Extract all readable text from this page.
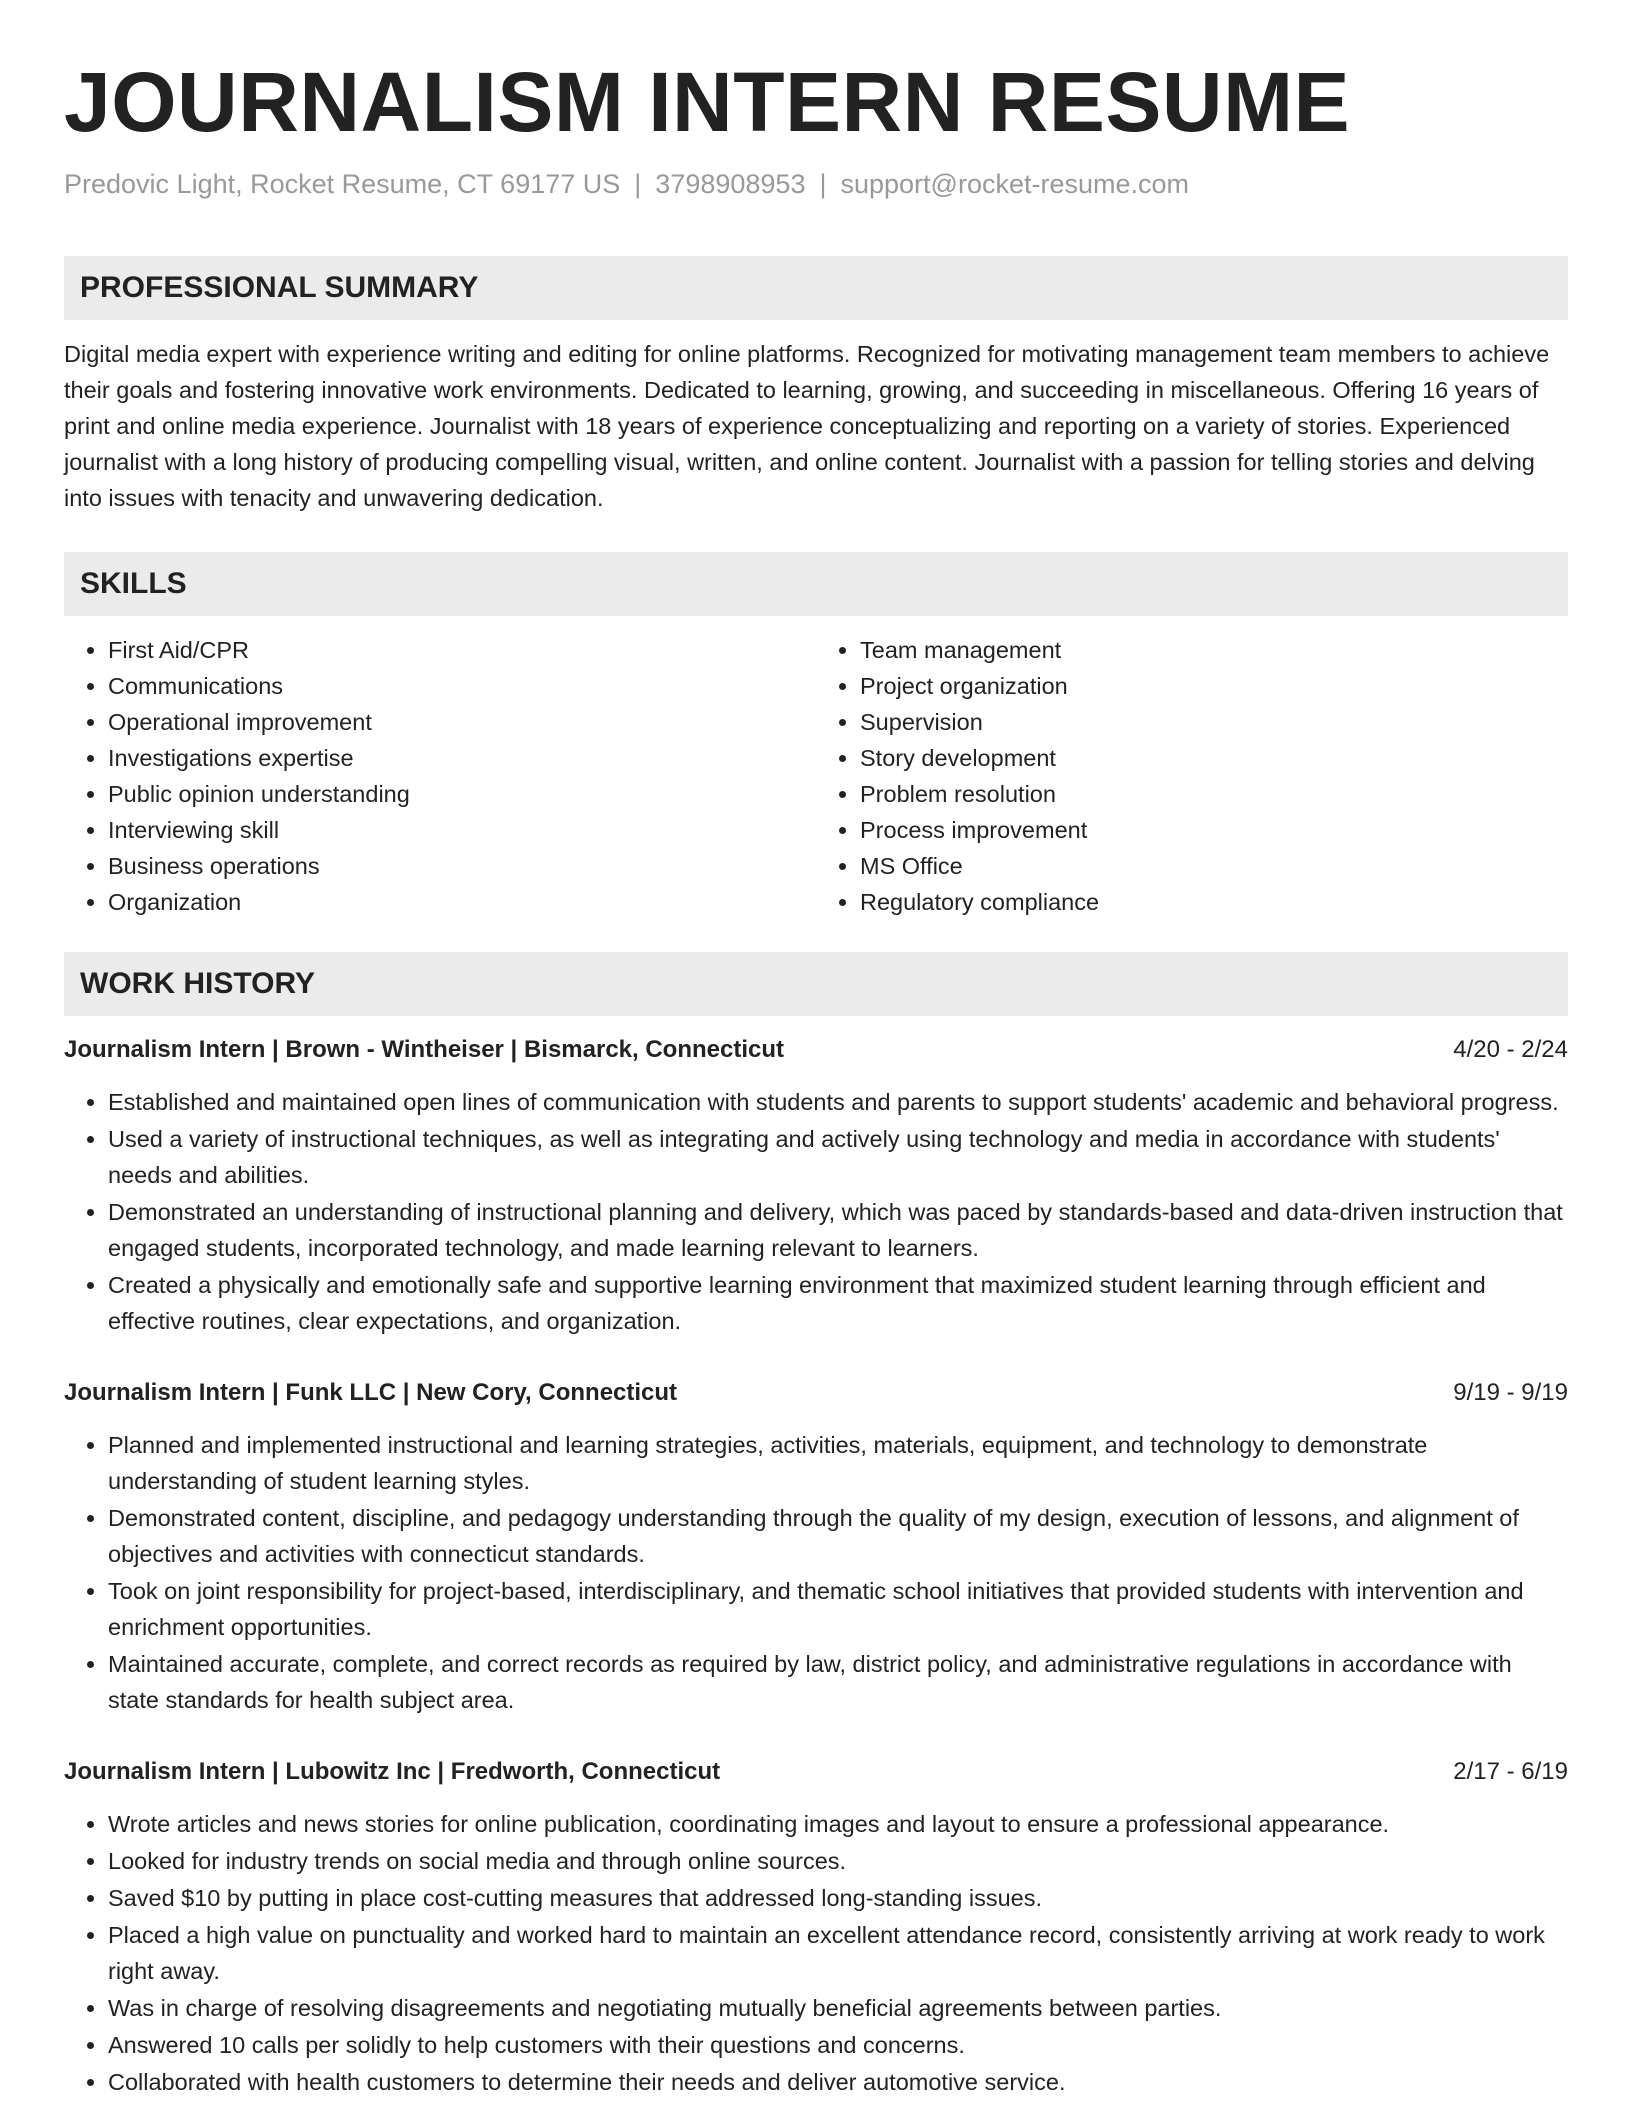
JOURNALISM INTERN RESUME
Predovic Light, Rocket Resume, CT 69177 US | 3798908953 | support@rocket-resume.com
PROFESSIONAL SUMMARY

Digital media expert with experience writing and editing for online platforms. Recognized for motivating management team members to achieve their goals and fostering innovative work environments. Dedicated to learning, growing, and succeeding in miscellaneous. Offering 16 years of print and online media experience. Journalist with 18 years of experience conceptualizing and reporting on a variety of stories. Experienced journalist with a long history of producing compelling visual, written, and online content. Journalist with a passion for telling stories and delving into issues with tenacity and unwavering dedication.

SKILLS
• First Aid/CPR
• Communications
• Operational improvement
• Investigations expertise
• Public opinion understanding
• Interviewing skill
• Business operations
• Organization
• Team management
• Project organization
• Supervision
• Story development
• Problem resolution
• Process improvement
• MS Office
• Regulatory compliance
WORK HISTORY
Journalism Intern | Brown - Wintheiser | Bismarck, Connecticut	4/20 - 2/24
• Established and maintained open lines of communication with students and parents to support students' academic and behavioral progress.
• Used a variety of instructional techniques, as well as integrating and actively using technology and media in accordance with students' needs and abilities.
• Demonstrated an understanding of instructional planning and delivery, which was paced by standards-based and data-driven instruction that engaged students, incorporated technology, and made learning relevant to learners.
• Created a physically and emotionally safe and supportive learning environment that maximized student learning through efficient and effective routines, clear expectations, and organization.
Journalism Intern | Funk LLC | New Cory, Connecticut	9/19 - 9/19
• Planned and implemented instructional and learning strategies, activities, materials, equipment, and technology to demonstrate understanding of student learning styles.
• Demonstrated content, discipline, and pedagogy understanding through the quality of my design, execution of lessons, and alignment of objectives and activities with connecticut standards.
• Took on joint responsibility for project-based, interdisciplinary, and thematic school initiatives that provided students with intervention and enrichment opportunities.
• Maintained accurate, complete, and correct records as required by law, district policy, and administrative regulations in accordance with state standards for health subject area.
Journalism Intern | Lubowitz Inc | Fredworth, Connecticut	2/17 - 6/19
• Wrote articles and news stories for online publication, coordinating images and layout to ensure a professional appearance.
• Looked for industry trends on social media and through online sources.
• Saved $10 by putting in place cost-cutting measures that addressed long-standing issues.
• Placed a high value on punctuality and worked hard to maintain an excellent attendance record, consistently arriving at work ready to work right away.
• Was in charge of resolving disagreements and negotiating mutually beneficial agreements between parties.
• Answered 10 calls per solidly to help customers with their questions and concerns.
• Collaborated with health customers to determine their needs and deliver automotive service.
